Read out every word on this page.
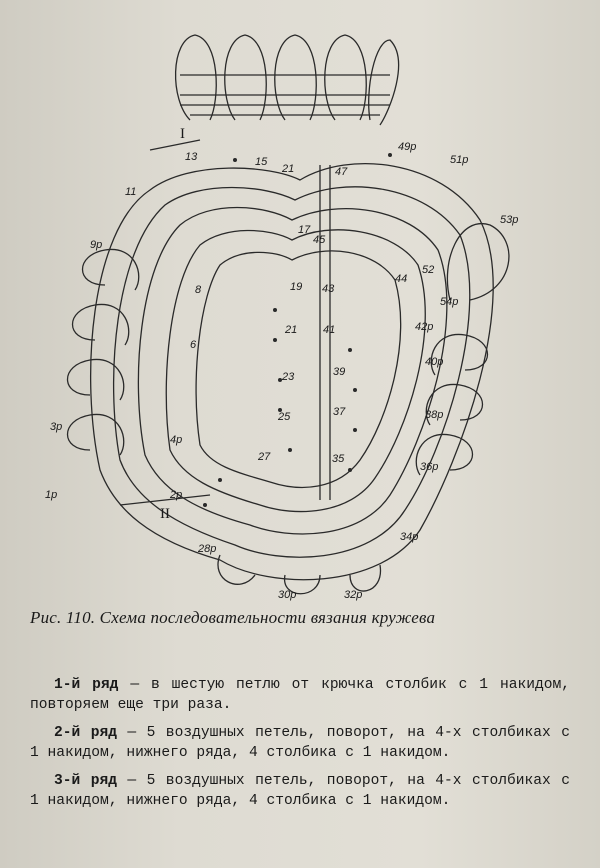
I
II
1р	2р
3р
4р
6
8
9р
11
13	15
21
17
19
21
23
25
27
28р
30р	32р
34р
35
36р
37	38р
39
40р
41	42р
43
44
45
47
49р
51р
52
53р
54р
Рис. 110. Схема последовательности вязания кружева

1-й ряд — в шестую петлю от крючка столбик с 1 накидом, повторяем еще три раза.

2-й ряд — 5 воздушных петель, поворот, на 4-х столбиках с 1 накидом, нижнего ряда, 4 столбика с 1 накидом.

3-й ряд — 5 воздушных петель, поворот, на 4-х столбиках с 1 накидом, нижнего ряда, 4 столбика с 1 накидом.
